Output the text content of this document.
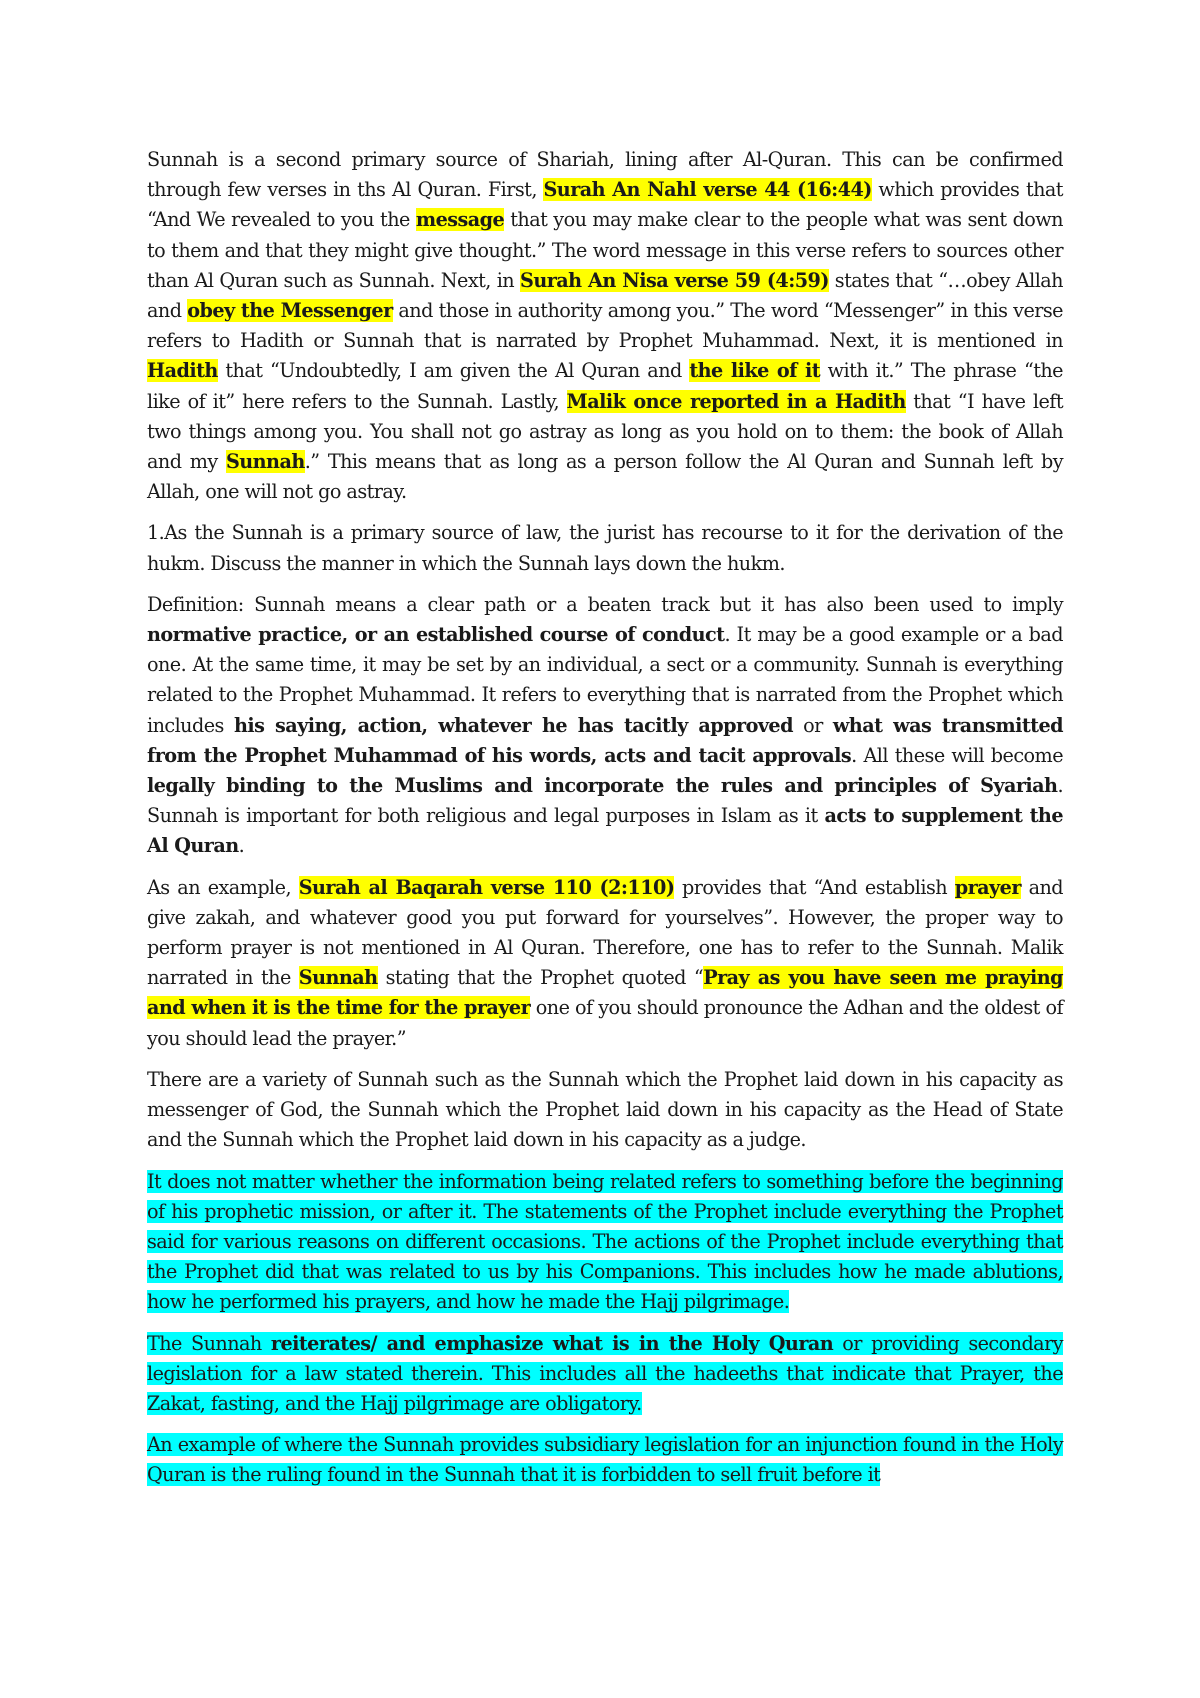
Sunnah is a second primary source of Shariah, lining after Al-Quran. This can be confirmed through few verses in ths Al Quran. First, Surah An Nahl verse 44 (16:44) which provides that “And We revealed to you the message that you may make clear to the people what was sent down to them and that they might give thought.” The word message in this verse refers to sources other than Al Quran such as Sunnah. Next, in Surah An Nisa verse 59 (4:59) states that “…obey Allah and obey the Messenger and those in authority among you.” The word “Messenger” in this verse refers to Hadith or Sunnah that is narrated by Prophet Muhammad. Next, it is mentioned in Hadith that “Undoubtedly, I am given the Al Quran and the like of it with it.” The phrase “the like of it” here refers to the Sunnah. Lastly, Malik once reported in a Hadith that “I have left two things among you. You shall not go astray as long as you hold on to them: the book of Allah and my Sunnah.” This means that as long as a person follow the Al Quran and Sunnah left by Allah, one will not go astray.

1.As the Sunnah is a primary source of law, the jurist has recourse to it for the derivation of the hukm. Discuss the manner in which the Sunnah lays down the hukm.

Definition: Sunnah means a clear path or a beaten track but it has also been used to imply normative practice, or an established course of conduct. It may be a good example or a bad one. At the same time, it may be set by an individual, a sect or a community. Sunnah is everything related to the Prophet Muhammad. It refers to everything that is narrated from the Prophet which includes his saying, action, whatever he has tacitly approved or what was transmitted from the Prophet Muhammad of his words, acts and tacit approvals. All these will become legally binding to the Muslims and incorporate the rules and principles of Syariah. Sunnah is important for both religious and legal purposes in Islam as it acts to supplement the Al Quran.

As an example, Surah al Baqarah verse 110 (2:110) provides that “And establish prayer and give zakah, and whatever good you put forward for yourselves”. However, the proper way to perform prayer is not mentioned in Al Quran. Therefore, one has to refer to the Sunnah. Malik narrated in the Sunnah stating that the Prophet quoted “Pray as you have seen me praying and when it is the time for the prayer one of you should pronounce the Adhan and the oldest of you should lead the prayer.”

There are a variety of Sunnah such as the Sunnah which the Prophet laid down in his capacity as messenger of God, the Sunnah which the Prophet laid down in his capacity as the Head of State and the Sunnah which the Prophet laid down in his capacity as a judge.

It does not matter whether the information being related refers to something before the beginning of his prophetic mission, or after it. The statements of the Prophet include everything the Prophet said for various reasons on different occasions. The actions of the Prophet include everything that the Prophet did that was related to us by his Companions. This includes how he made ablutions, how he performed his prayers, and how he made the Hajj pilgrimage.

The Sunnah reiterates/ and emphasize what is in the Holy Quran or providing secondary legislation for a law stated therein. This includes all the hadeeths that indicate that Prayer, the Zakat, fasting, and the Hajj pilgrimage are obligatory.

An example of where the Sunnah provides subsidiary legislation for an injunction found in the Holy Quran is the ruling found in the Sunnah that it is forbidden to sell fruit before it
